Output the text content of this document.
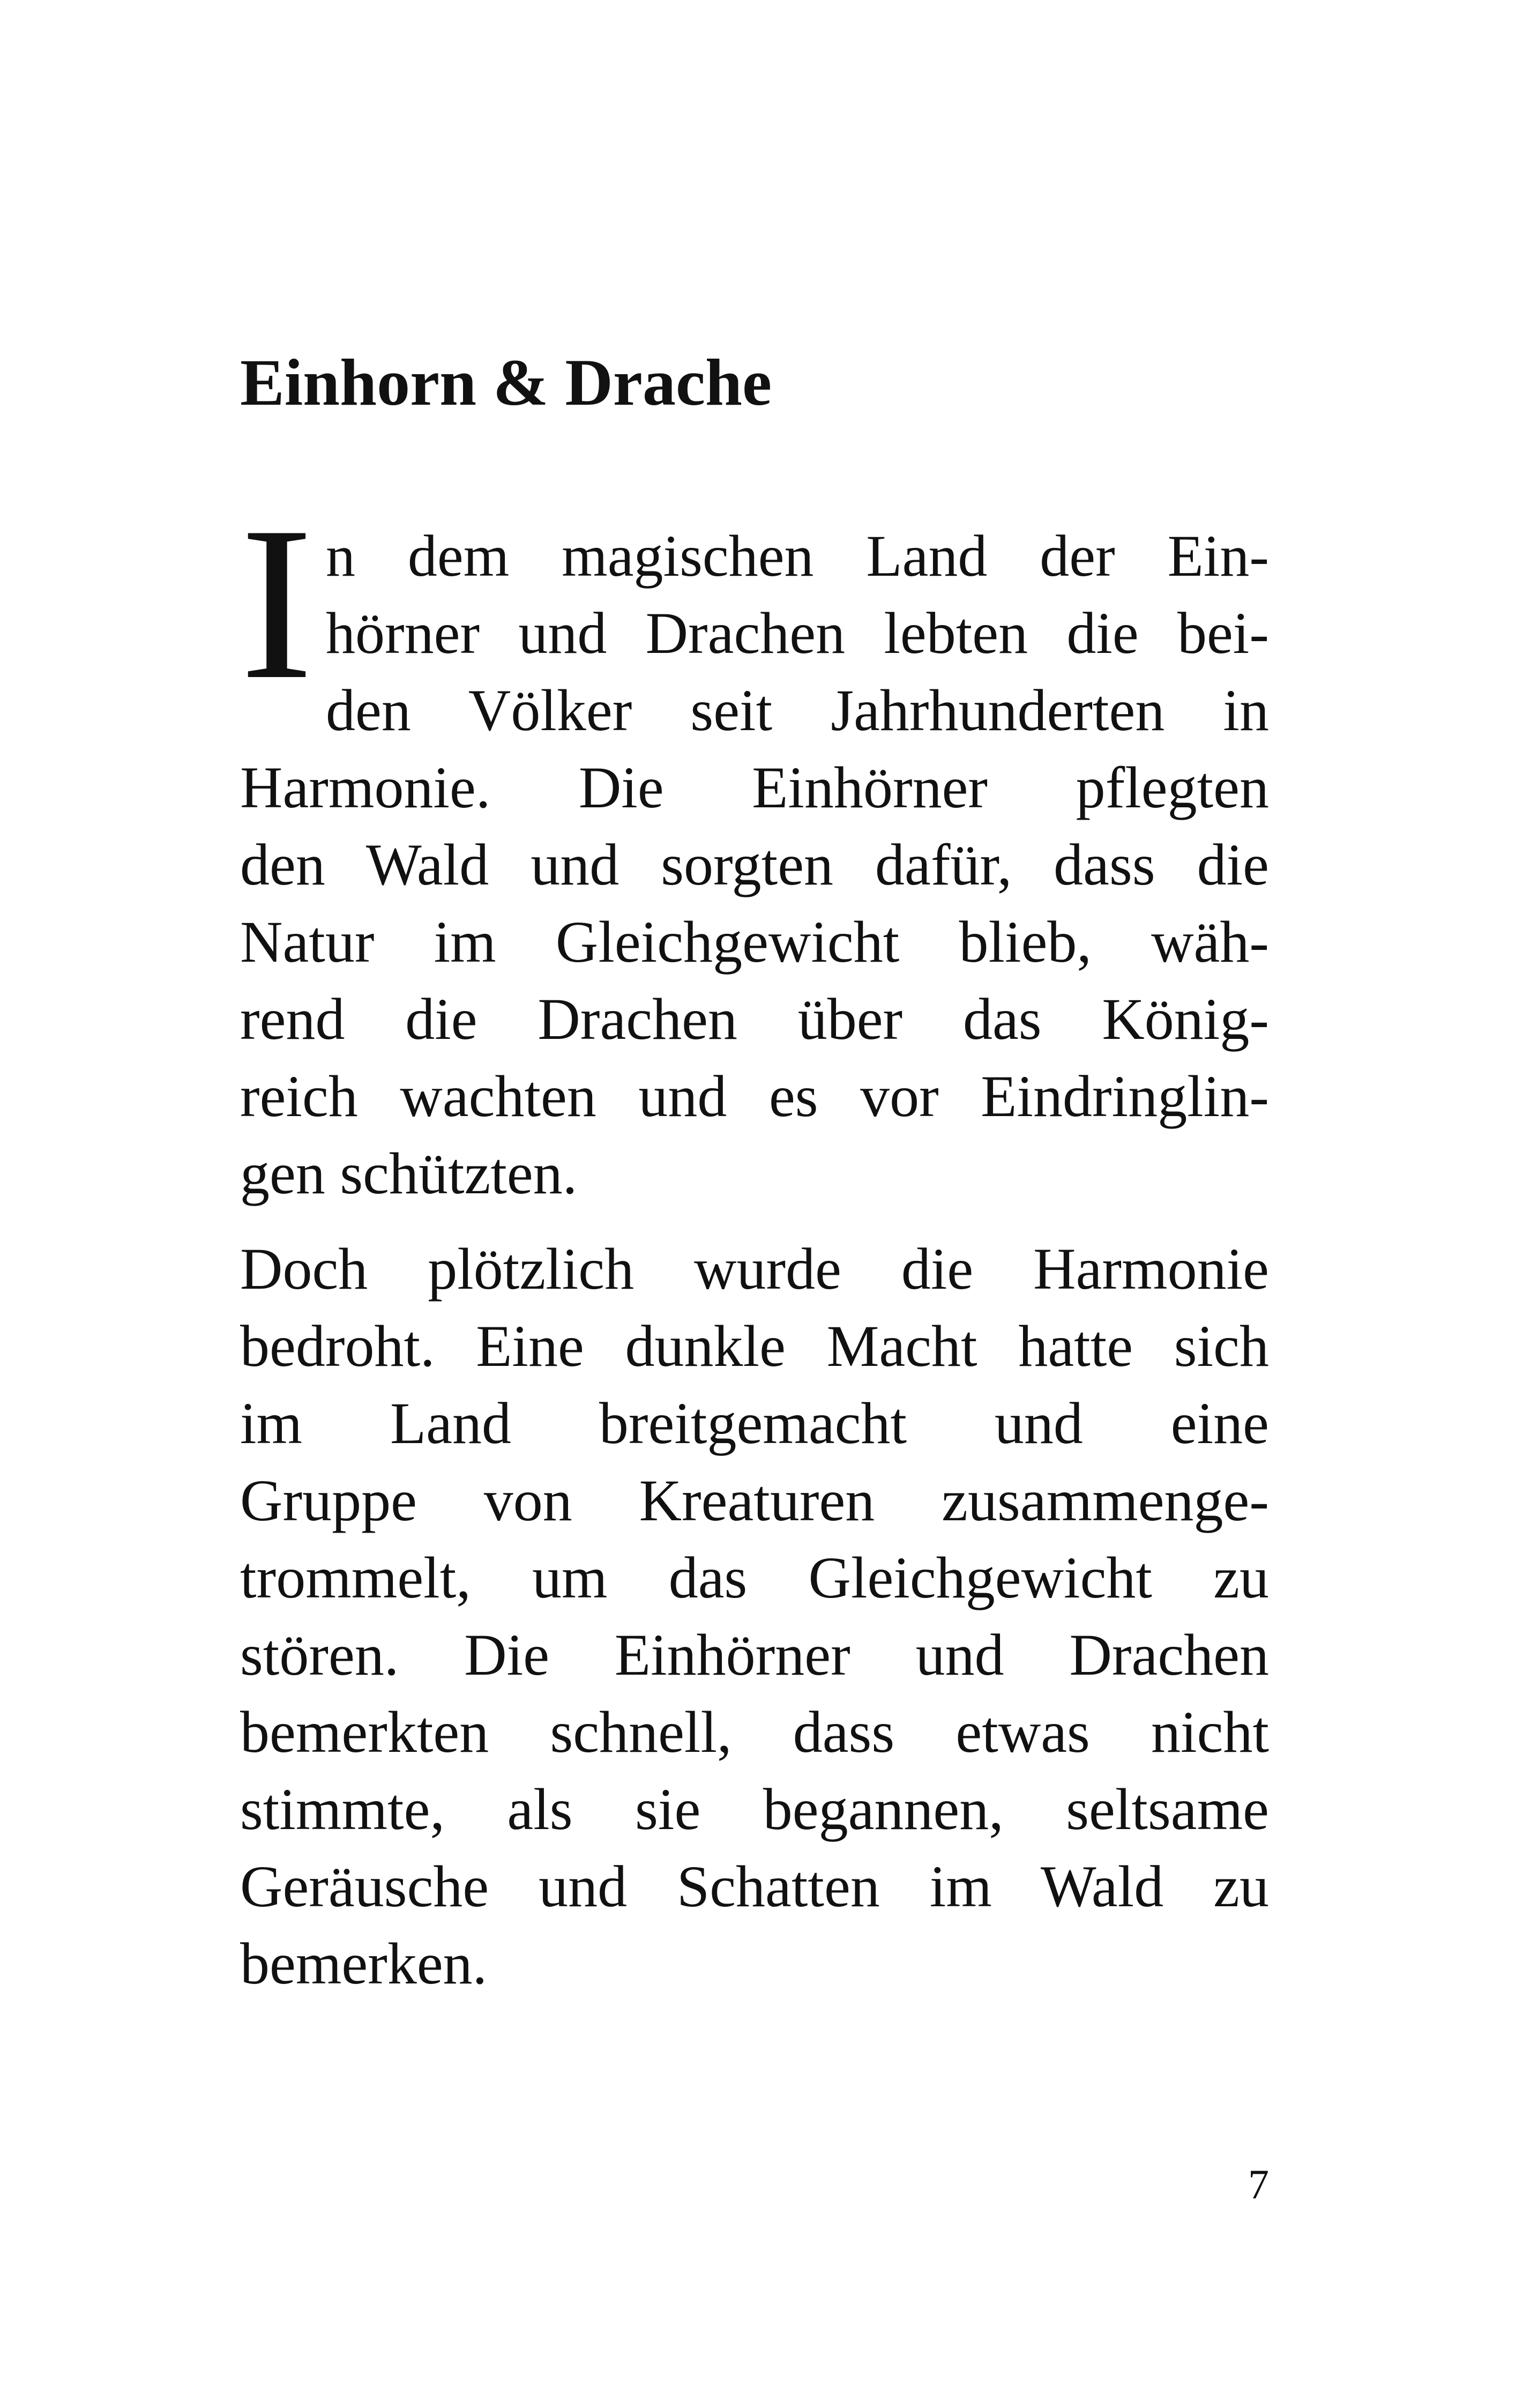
Einhorn & Drache
I n dem magischen Land der Ein-
hörner und Drachen lebten die bei-
den Völker seit Jahrhunderten in
Harmonie. Die Einhörner pflegten
den Wald und sorgten dafür, dass die
Natur im Gleichgewicht blieb, wäh-
rend die Drachen über das König-
reich wachten und es vor Eindringlin-
gen schützten.
Doch plötzlich wurde die Harmonie
bedroht. Eine dunkle Macht hatte sich
im Land breitgemacht und eine
Gruppe von Kreaturen zusammenge-
trommelt, um das Gleichgewicht zu
stören. Die Einhörner und Drachen
bemerkten schnell, dass etwas nicht
stimmte, als sie begannen, seltsame
Geräusche und Schatten im Wald zu
bemerken.
7
